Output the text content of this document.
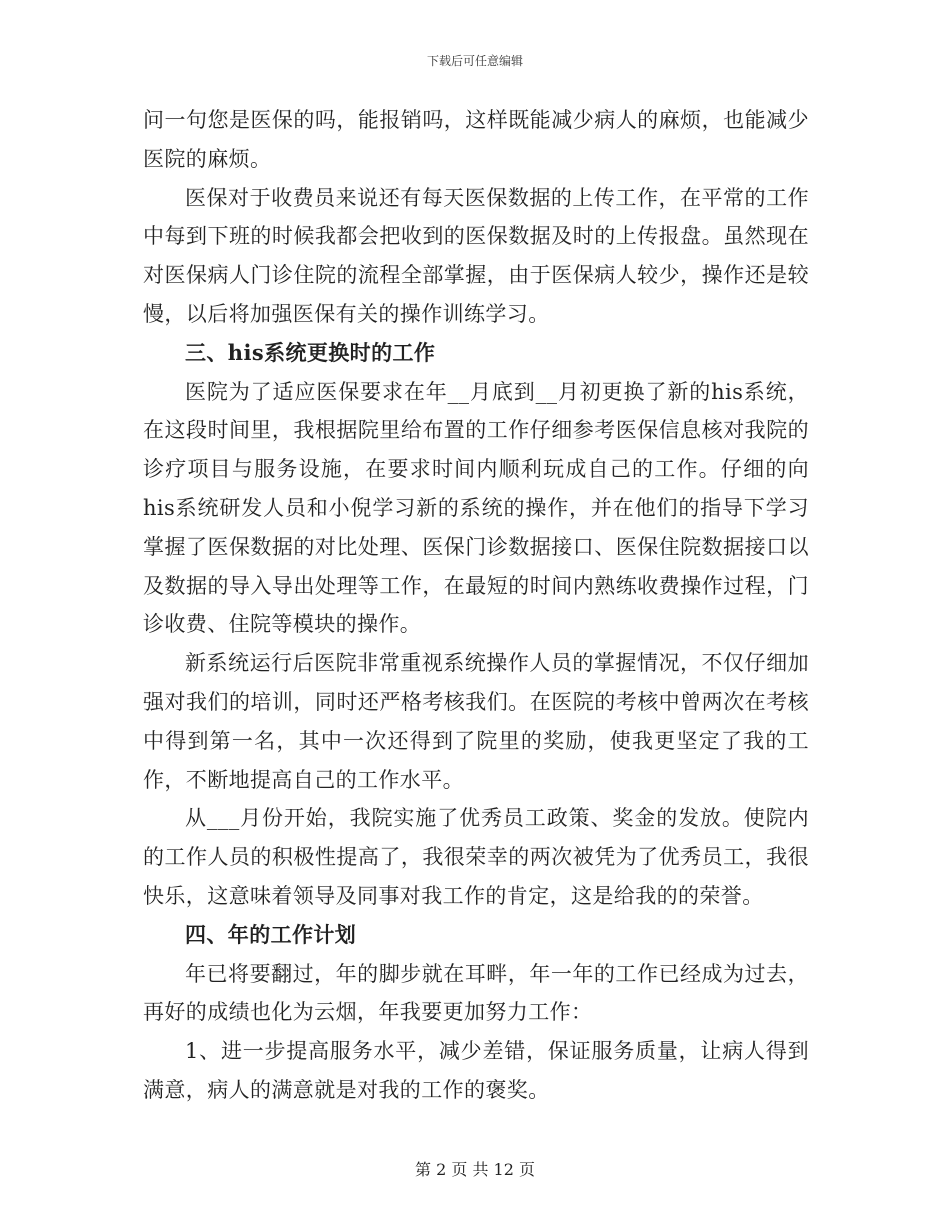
下载后可任意编辑

问一句您是医保的吗，能报销吗，这样既能减少病人的麻烦，也能减少医院的麻烦。

医保对于收费员来说还有每天医保数据的上传工作，在平常的工作中每到下班的时候我都会把收到的医保数据及时的上传报盘。虽然现在对医保病人门诊住院的流程全部掌握，由于医保病人较少，操作还是较慢，以后将加强医保有关的操作训练学习。

三、his系统更换时的工作

医院为了适应医保要求在年__月底到__月初更换了新的his系统，在这段时间里，我根据院里给布置的工作仔细参考医保信息核对我院的诊疗项目与服务设施，在要求时间内顺利玩成自己的工作。仔细的向his系统研发人员和小倪学习新的系统的操作，并在他们的指导下学习掌握了医保数据的对比处理、医保门诊数据接口、医保住院数据接口以及数据的导入导出处理等工作，在最短的时间内熟练收费操作过程，门诊收费、住院等模块的操作。

新系统运行后医院非常重视系统操作人员的掌握情况，不仅仔细加强对我们的培训，同时还严格考核我们。在医院的考核中曾两次在考核中得到第一名，其中一次还得到了院里的奖励，使我更坚定了我的工作，不断地提高自己的工作水平。

从___月份开始，我院实施了优秀员工政策、奖金的发放。使院内的工作人员的积极性提高了，我很荣幸的两次被凭为了优秀员工，我很快乐，这意味着领导及同事对我工作的肯定，这是给我的的荣誉。

四、年的工作计划

年已将要翻过，年的脚步就在耳畔，年一年的工作已经成为过去，再好的成绩也化为云烟，年我要更加努力工作：

1、进一步提高服务水平，减少差错，保证服务质量，让病人得到满意，病人的满意就是对我的工作的褒奖。

第 2 页 共 12 页
